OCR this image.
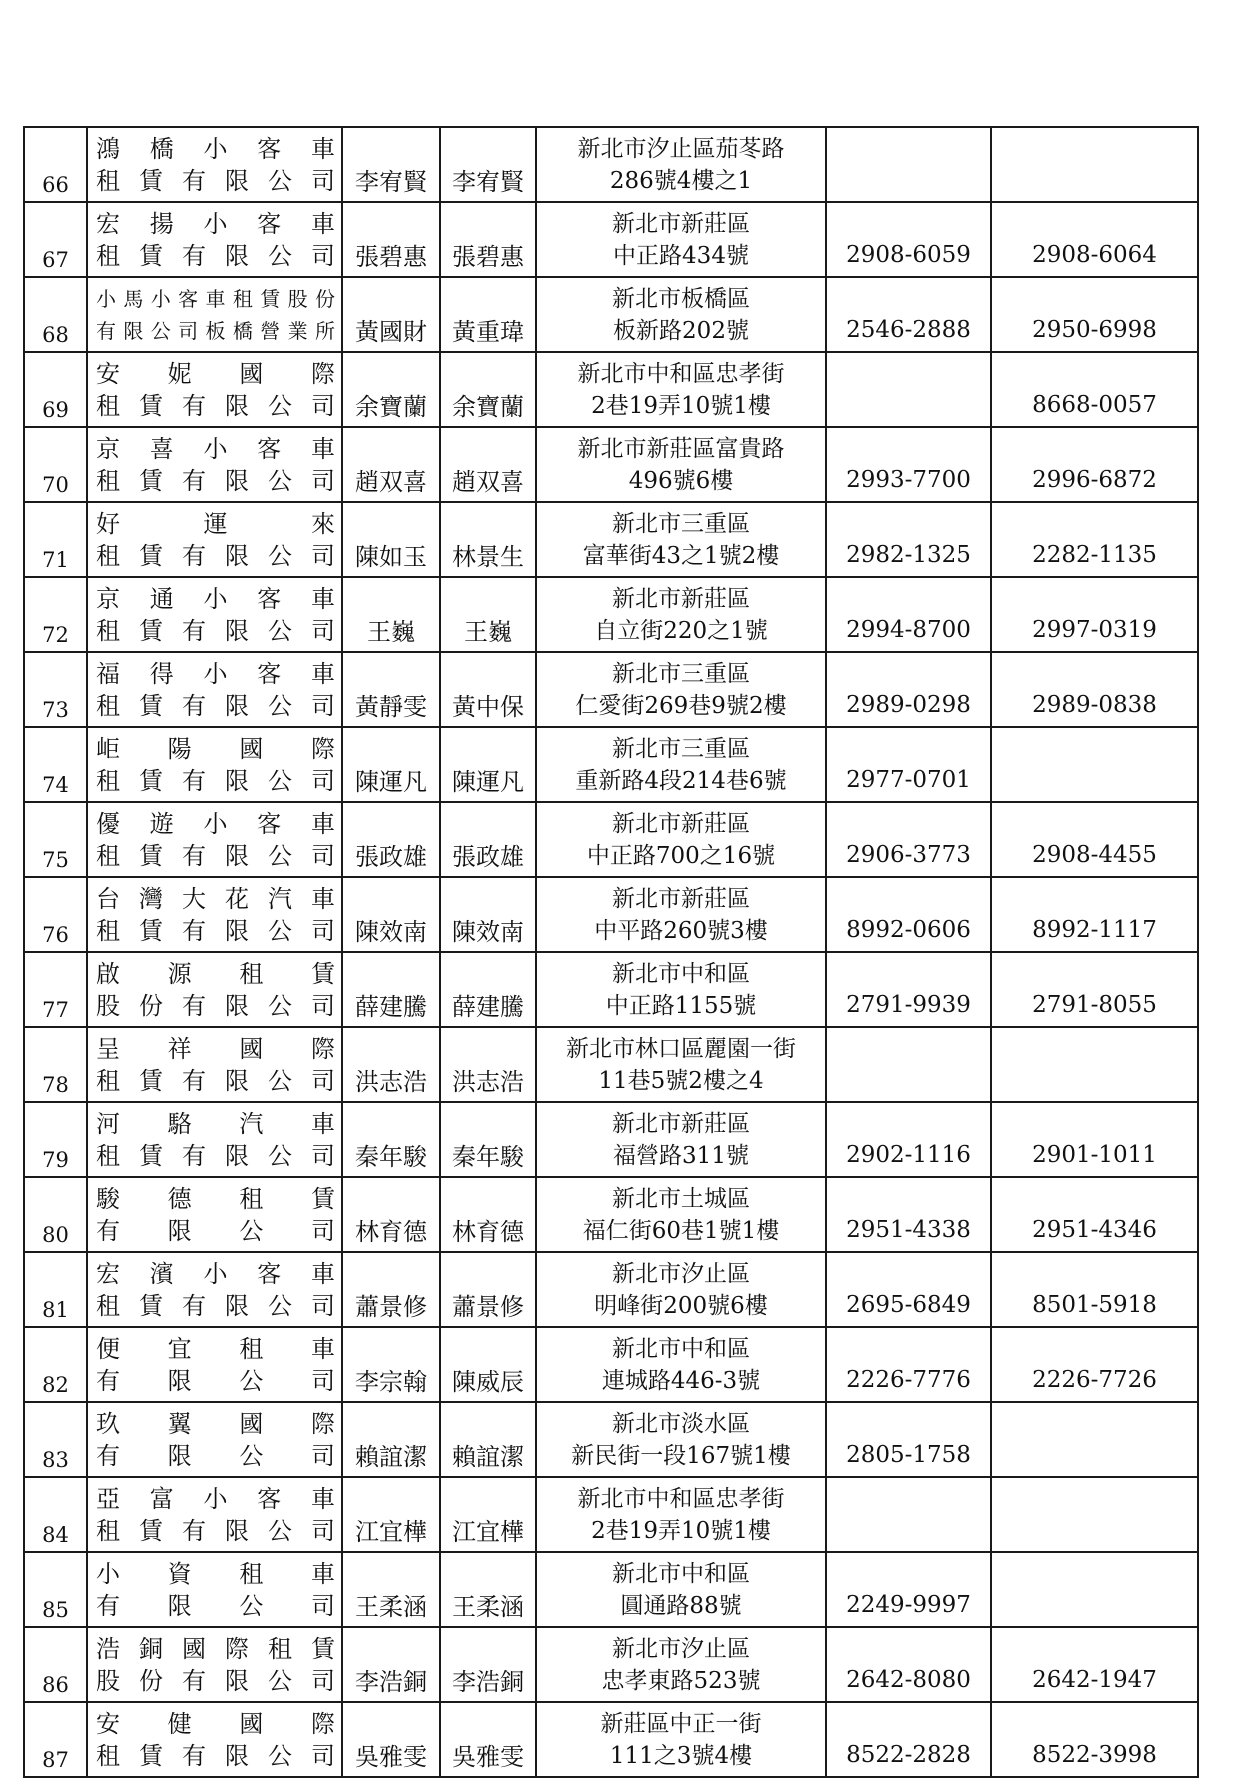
66	鴻橋小客車
租賃有限公司	李宥賢	李宥賢	新北市汐止區茄苳路
286號4樓之1		

67	宏揚小客車
租賃有限公司	張碧惠	張碧惠	新北市新莊區
中正路434號	2908-6059	2908-6064
68	小馬小客車租賃股份
有限公司板橋營業所	黃國財	黃重瑋	新北市板橋區
板新路202號	2546-2888	2950-6998
69	安妮國際
租賃有限公司	余寶蘭	余寶蘭	新北市中和區忠孝街
2巷19弄10號1樓		8668-0057
70	京喜小客車
租賃有限公司	趙双喜	趙双喜	新北市新莊區富貴路
496號6樓	2993-7700	2996-6872
71	好運來
租賃有限公司	陳如玉	林景生	新北市三重區
富華街43之1號2樓	2982-1325	2282-1135
72	京通小客車
租賃有限公司	王巍	王巍	新北市新莊區
自立街220之1號	2994-8700	2997-0319
73	福得小客車
租賃有限公司	黃靜雯	黃中保	新北市三重區
仁愛街269巷9號2樓	2989-0298	2989-0838
74	岠陽國際
租賃有限公司	陳運凡	陳運凡	新北市三重區
重新路4段214巷6號	2977-0701	
75	優遊小客車
租賃有限公司	張政雄	張政雄	新北市新莊區
中正路700之16號	2906-3773	2908-4455
76	台灣大花汽車
租賃有限公司	陳效南	陳效南	新北市新莊區
中平路260號3樓	8992-0606	8992-1117
77	啟源租賃
股份有限公司	薛建騰	薛建騰	新北市中和區
中正路1155號	2791-9939	2791-8055
78	呈祥國際
租賃有限公司	洪志浩	洪志浩	新北市林口區麗園一街
11巷5號2樓之4		

79	河駱汽車
租賃有限公司	秦年駿	秦年駿	新北市新莊區
福營路311號	2902-1116	2901-1011
80	駿德租賃
有限公司	林育德	林育德	新北市土城區
福仁街60巷1號1樓	2951-4338	2951-4346
81	宏濱小客車
租賃有限公司	蕭景修	蕭景修	新北市汐止區
明峰街200號6樓	2695-6849	8501-5918
82	便宜租車
有限公司	李宗翰	陳威辰	新北市中和區
連城路446-3號	2226-7776	2226-7726
83	玖翼國際
有限公司	賴誼潔	賴誼潔	新北市淡水區
新民街一段167號1樓	2805-1758	
84	亞富小客車
租賃有限公司	江宜樺	江宜樺	新北市中和區忠孝街
2巷19弄10號1樓		

85	小資租車
有限公司	王柔涵	王柔涵	新北市中和區
圓通路88號	2249-9997	
86	浩銅國際租賃
股份有限公司	李浩銅	李浩銅	新北市汐止區
忠孝東路523號	2642-8080	2642-1947
87	安健國際
租賃有限公司	吳雅雯	吳雅雯	新莊區中正一街
111之3號4樓	8522-2828	8522-3998
